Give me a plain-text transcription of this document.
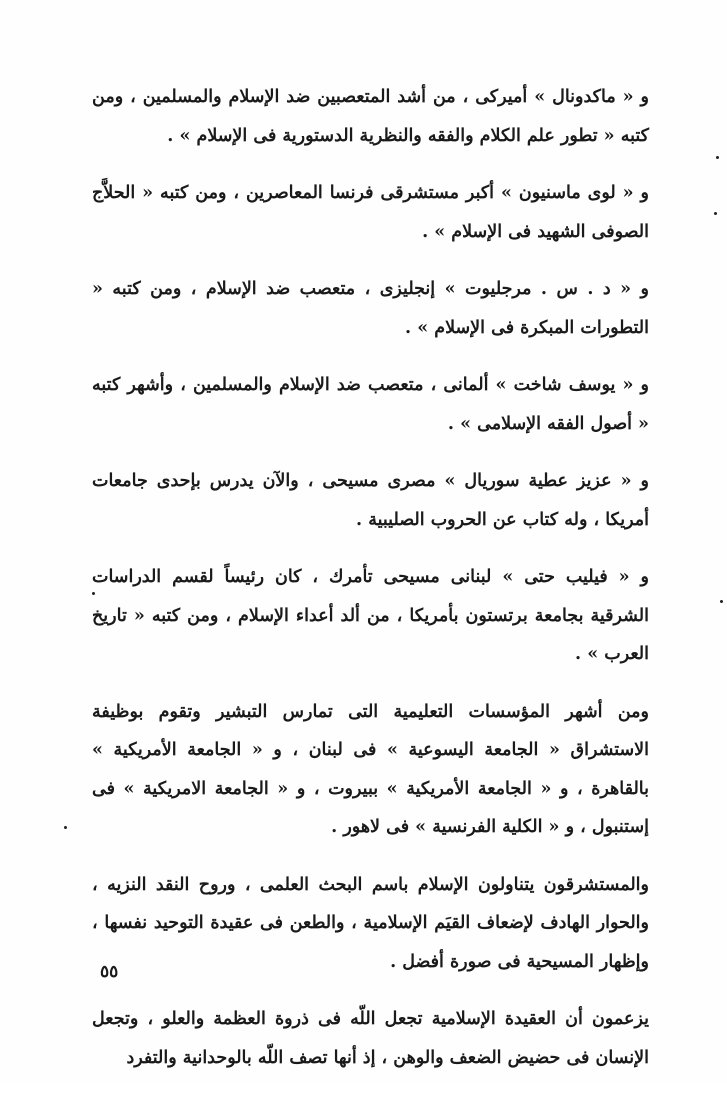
و « ماكدونال » أميركى ، من أشد المتعصبين ضد الإسلام والمسلمين ، ومن كتبه « تطور علم الكلام والفقه والنظرية الدستورية فى الإسلام » .

و « لوى ماسنيون » أكبر مستشرقى فرنسا المعاصرين ، ومن كتبه « الحلاَّج الصوفى الشهيد فى الإسلام » .

و « د . س . مرجليوت » إنجليزى ، متعصب ضد الإسلام ، ومن كتبه « التطورات المبكرة فى الإسلام » .

و « يوسف شاخت » ألمانى ، متعصب ضد الإسلام والمسلمين ، وأشهر كتبه « أصول الفقه الإسلامى » .

و « عزيز عطية سوريال » مصرى مسيحى ، والآن يدرس بإحدى جامعات أمريكا ، وله كتاب عن الحروب الصليبية .

و « فيليب حتى » لبنانى مسيحى تأمرك ، كان رئيساً لقسم الدراسات الشرقية بجامعة برتستون بأمريكا ، من ألد أعداء الإسلام ، ومن كتبه « تاريخ العرب » .

ومن أشهر المؤسسات التعليمية التى تمارس التبشير وتقوم بوظيفة الاستشراق « الجامعة اليسوعية » فى لبنان ، و « الجامعة الأمريكية » بالقاهرة ، و « الجامعة الأمريكية » ببيروت ، و « الجامعة الامريكية » فى إستنبول ، و « الكلية الفرنسية » فى لاهور .

والمستشرقون يتناولون الإسلام باسم البحث العلمى ، وروح النقد النزيه ، والحوار الهادف لإضعاف القيَم الإسلامية ، والطعن فى عقيدة التوحيد نفسها ، وإظهار المسيحية فى صورة أفضل .

يزعمون أن العقيدة الإسلامية تجعل اللّه فى ذروة العظمة والعلو ، وتجعل الإنسان فى حضيض الضعف والوهن ، إذ أنها تصف اللّه بالوحدانية والتفرد

٥٥
